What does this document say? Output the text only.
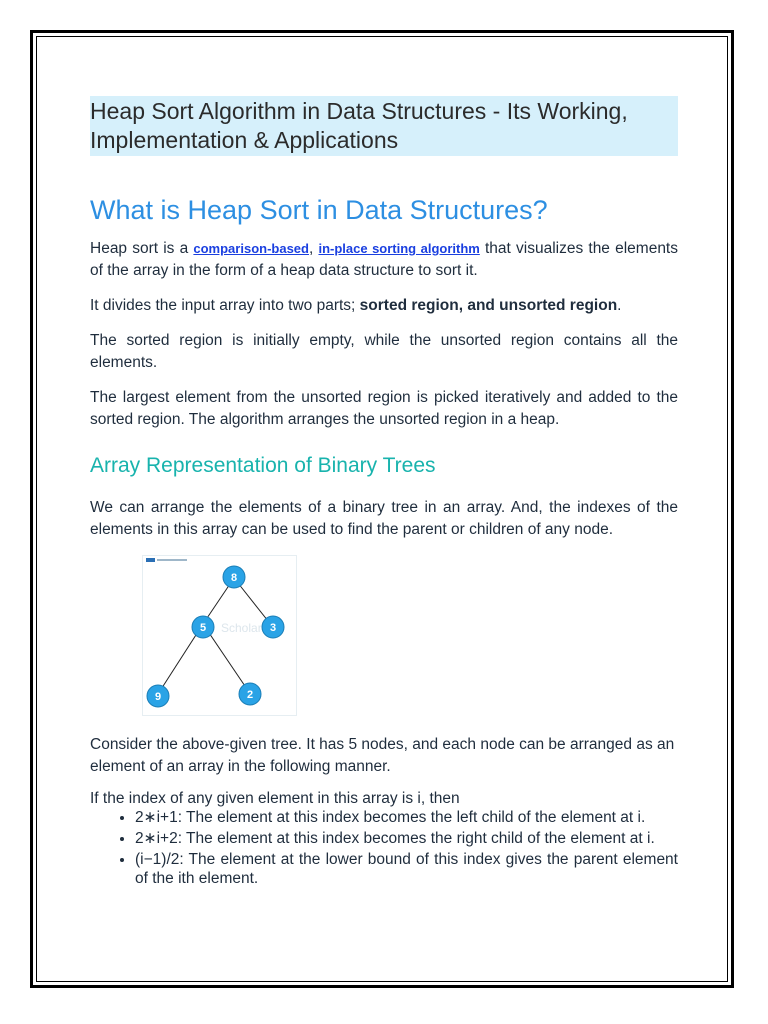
Heap Sort Algorithm in Data Structures - Its Working, Implementation & Applications
What is Heap Sort in Data Structures?

Heap sort is a comparison-based, in-place sorting algorithm that visualizes the elements of the array in the form of a heap data structure to sort it.

It divides the input array into two parts; sorted region, and unsorted region.

The sorted region is initially empty, while the unsorted region contains all the elements.

The largest element from the unsorted region is picked iteratively and added to the sorted region. The algorithm arranges the unsorted region in a heap.

Array Representation of Binary Trees

We can arrange the elements of a binary tree in an array. And, the indexes of the elements in this array can be used to find the parent or children of any node.

Scholar
8
5	3
9	2

Consider the above-given tree. It has 5 nodes, and each node can be arranged as an element of an array in the following manner.

If the index of any given element in this array is i, then

• 2∗i+1: The element at this index becomes the left child of the element at i.
• 2∗i+2: The element at this index becomes the right child of the element at i.
• (i−1)/2: The element at the lower bound of this index gives the parent element of the ith element.
